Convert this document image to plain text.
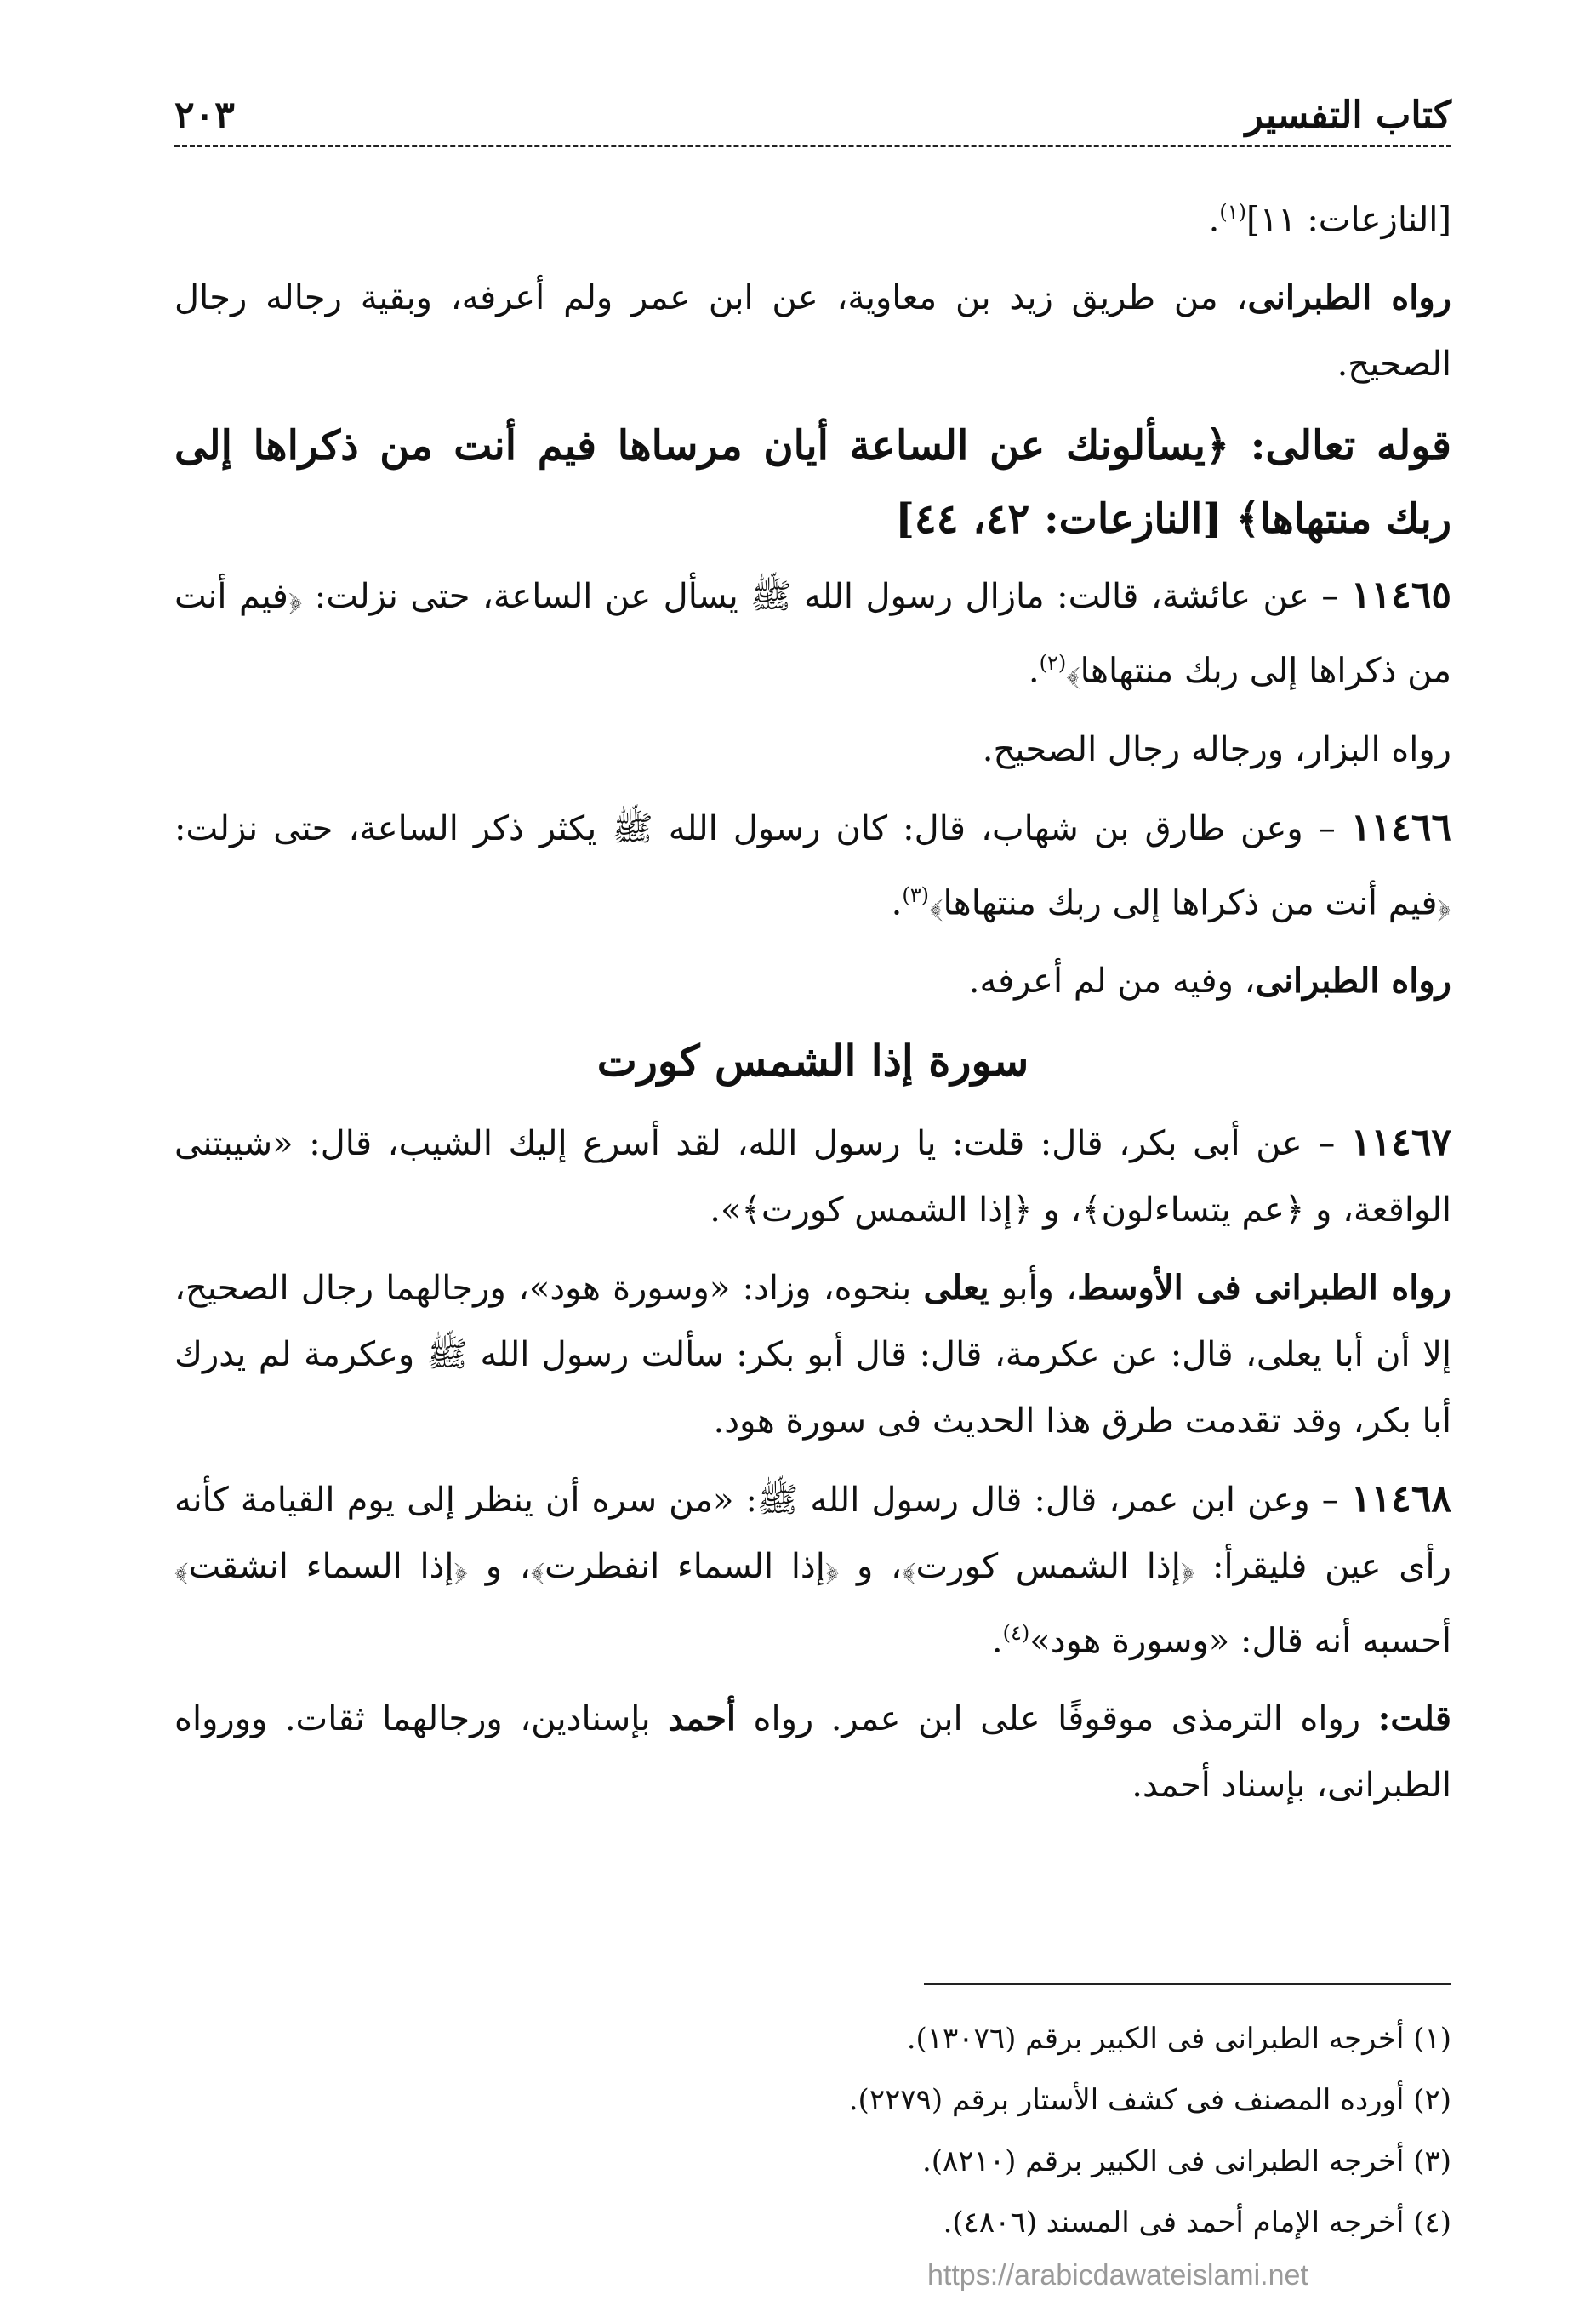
كتاب التفسير
٢٠٣

[النازعات: ١١]$^{(١)}$.

رواه الطبرانى، من طريق زيد بن معاوية، عن ابن عمر ولم أعرفه، وبقية رجاله رجال الصحيح.

قوله تعالى: ﴿يسألونك عن الساعة أيان مرساها فيم أنت من ذكراها إلى ربك منتهاها﴾ [النازعات: ٤٢، ٤٤]

١١٤٦٥ – عن عائشة، قالت: مازال رسول الله ﷺ يسأل عن الساعة، حتى نزلت: ﴿فيم أنت من ذكراها إلى ربك منتهاها﴾$^{(٢)}$.

رواه البزار، ورجاله رجال الصحيح.

١١٤٦٦ – وعن طارق بن شهاب، قال: كان رسول الله ﷺ يكثر ذكر الساعة، حتى نزلت: ﴿فيم أنت من ذكراها إلى ربك منتهاها﴾$^{(٣)}$.

رواه الطبرانى، وفيه من لم أعرفه.

سورة إذا الشمس كورت

١١٤٦٧ – عن أبى بكر، قال: قلت: يا رسول الله، لقد أسرع إليك الشيب، قال: «شيبتنى الواقعة، و ﴿عم يتساءلون﴾، و ﴿إذا الشمس كورت﴾».

رواه الطبرانى فى الأوسط، وأبو يعلى بنحوه، وزاد: «وسورة هود»، ورجالهما رجال الصحيح، إلا أن أبا يعلى، قال: عن عكرمة، قال: قال أبو بكر: سألت رسول الله ﷺ وعكرمة لم يدرك أبا بكر، وقد تقدمت طرق هذا الحديث فى سورة هود.

١١٤٦٨ – وعن ابن عمر، قال: قال رسول الله ﷺ: «من سره أن ينظر إلى يوم القيامة كأنه رأى عين فليقرأ: ﴿إذا الشمس كورت﴾، و ﴿إذا السماء انفطرت﴾، و ﴿إذا السماء انشقت﴾ أحسبه أنه قال: «وسورة هود»$^{(٤)}$.

قلت: رواه الترمذى موقوفًا على ابن عمر. رواه أحمد بإسنادين، ورجالهما ثقات. وورواه الطبرانى، بإسناد أحمد.

(١) أخرجه الطبرانى فى الكبير برقم (١٣٠٧٦).
(٢) أورده المصنف فى كشف الأستار برقم (٢٢٧٩).
(٣) أخرجه الطبرانى فى الكبير برقم (٨٢١٠).
(٤) أخرجه الإمام أحمد فى المسند (٤٨٠٦).
https://arabicdawateislami.net
